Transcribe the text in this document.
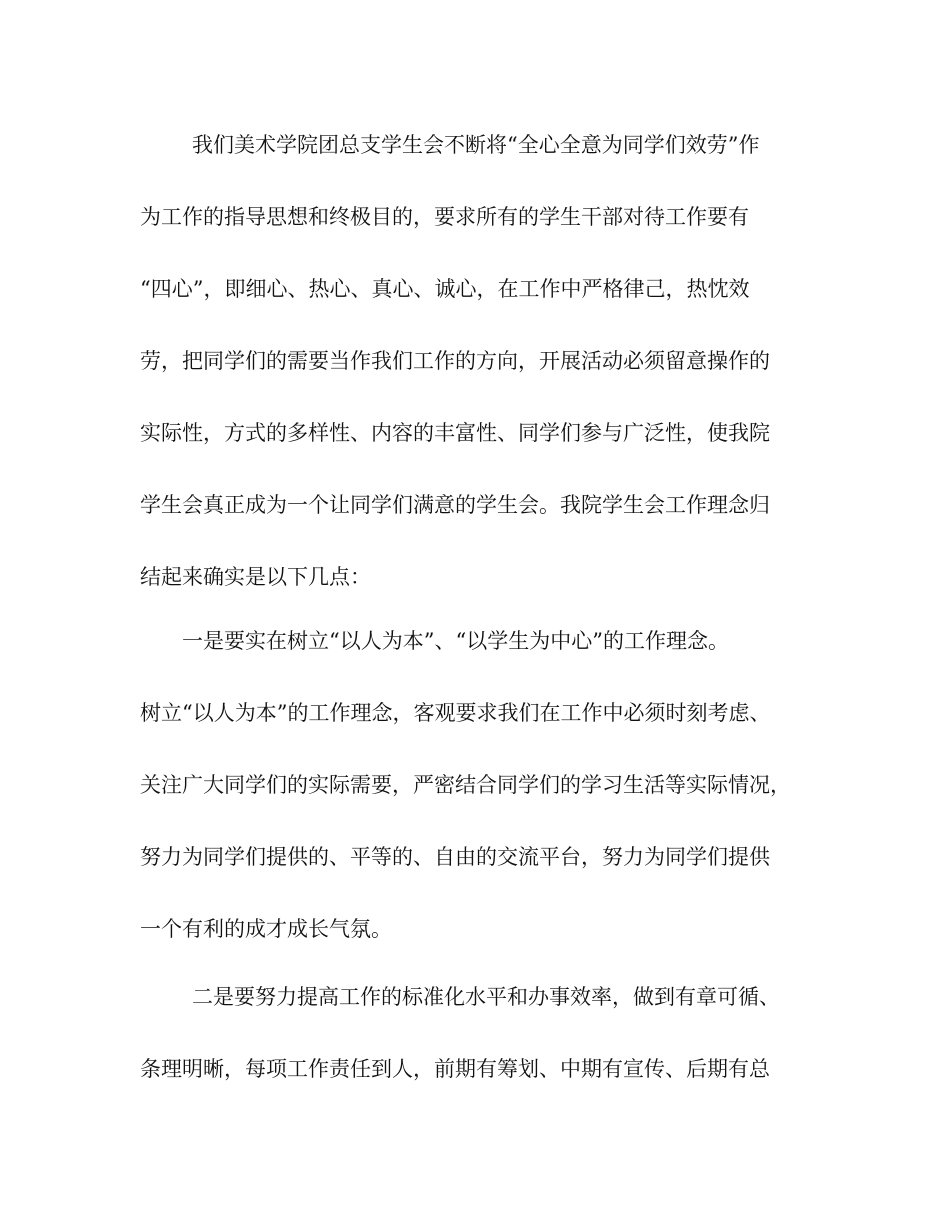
我们美术学院团总支学生会不断将“全心全意为同学们效劳”作

为工作的指导思想和终极目的，要求所有的学生干部对待工作要有

“四心”，即细心、热心、真心、诚心，在工作中严格律己，热忱效

劳，把同学们的需要当作我们工作的方向，开展活动必须留意操作的

实际性，方式的多样性、内容的丰富性、同学们参与广泛性，使我院

学生会真正成为一个让同学们满意的学生会。我院学生会工作理念归

结起来确实是以下几点：

一是要实在树立“以人为本”、“以学生为中心”的工作理念。

树立“以人为本”的工作理念，客观要求我们在工作中必须时刻考虑、

关注广大同学们的实际需要，严密结合同学们的学习生活等实际情况，

努力为同学们提供的、平等的、自由的交流平台，努力为同学们提供

一个有利的成才成长气氛。

二是要努力提高工作的标准化水平和办事效率，做到有章可循、

条理明晰，每项工作责任到人，前期有筹划、中期有宣传、后期有总
